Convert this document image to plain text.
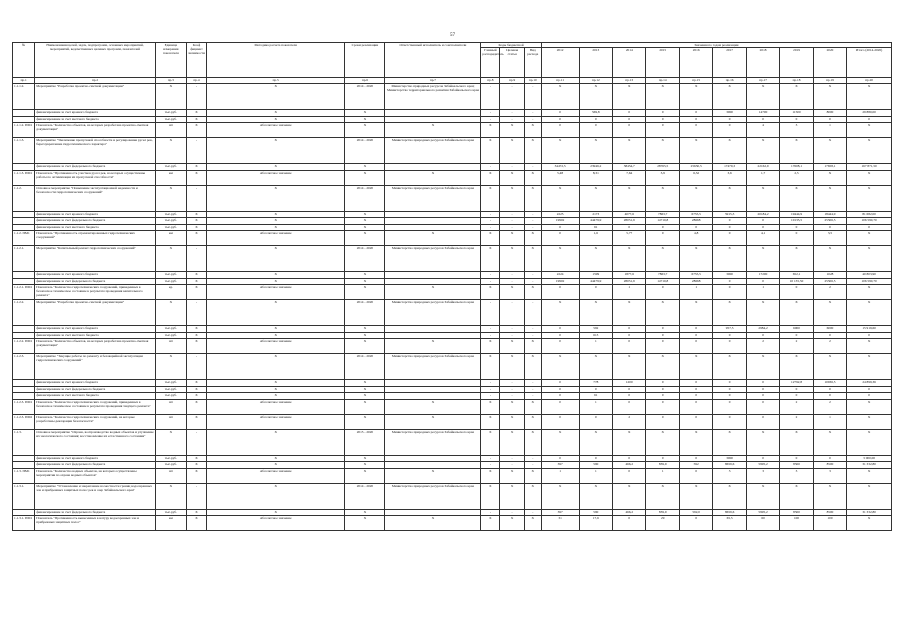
57
№	Наименования целей, задач, подпрограмм, основных мероприятий, мероприятий, ведомственных целевых программ, показателей	Единица измерения показателя	Коэф фициент значимости	Методика расчета показателя	Сроки реализации	Ответственный исполнитель и соисполнители	Коды бюджетной			Значения по годам реализации									
							Главный распорядитель	Целевая статья	Вид расхода	2012	2013	2014	2015	2016	2017	2018	2019	2020	Итого (2014-2020)
пр.1	пр.2	пр.3	пр.4	пр.5	пр.6	пр.7	пр.8	пр.9	пр.10	пр.11	пр.12	пр.13	пр.14	пр.15	пр.16	пр.17	пр.18	пр.19	пр.20
1.1.1.2.	Мероприятие "Разработка проектно-сметной документации"	X	-	X	2014 - 2020	Министерство природных ресурсов Забайкальского края; Министерство территориального развития Забайкальского края	-	-	-	X	X	X	X	X	X	X	X	X	X
	финансирование за счет краевого бюджета	тыс.руб.	X	X	X		-	-	-	0	569,8	0	0	0	3000	14700	11500	8000	29 880,00
	финансирование за счет местного бюджета	тыс.руб.	X	X	X		-	-	-	0	0	0	0	0	0	0	0	0	0
1.1.1.2. ПМ1	Показатель "Количество объектов, на которых разработана проектно-сметная документация"	шт	X	Абсолютное значение	X	X	X	X	X	0	0	0	0	0	0	4	3	1	X
1.1.1.3.	Мероприятие "Увеличение пропускной способности и регулирование русел рек, берегоукрепление гидротехнического характера"	X	-	X	2014 - 2020	Министерство природных ресурсов Забайкальского края	X	X	X	X	X	X	X	X	X	X	X	X	X
	финансирование за счет федерального бюджета	тыс.руб.	X	X	X		-	-	-	34472,5	23946,2	38454,7	28765,5	25630,5	17479,3	22162,9	17608,1	17658,1	167 871,50
1.1.1.3. ПМ1	Показатель "Протяженность участков русел рек, на которых осуществлены работы по оптимизации их пропускной способности"	км	X	Абсолютное значение	X	X	X	X	X	5,48	8,31	7,64	3,9	6,32	3,6	1,7	2,5	X	X
1.1.2.	Основное мероприятие "Повышение эксплуатационной надежности и безопасности гидротехнических сооружений"	X	-	X	2014 - 2020	Министерство природных ресурсов Забайкальского края	X	X	X	X	X	X	X	X	X	X	X	X	X
	финансирование за счет краевого бюджета	тыс.руб.	X	X	X		-	-	-	2225	2173	4077,6	7863,7	6755,5	5915,3	20184,2	19444,9	18444,9	81 682,00
	финансирование за счет федерального бюджета	тыс.руб.	X	X	X		-	-	-	19902	44479,9	28051,9	14710,8	28668	0	0	10135,5	25506,5	106 590,70
	финансирование за счет местного бюджета	тыс.руб.	X	X	X		-	-	-	0	61	0	0	0	0	0	0	0	0
1.1.2. ПМ1	Показатель "Протяженность отремонтированных гидротехнических сооружений"	км	X	Абсолютное значение	X	X	X	X	X	0	1,6	5,77	0	4,8	0	4,1	0	3,5	X
1.1.2.1.	Мероприятие "Капитальный ремонт гидротехнических сооружений"	X	-	X	2014 - 2020	Министерство природных ресурсов Забайкальского края	X	X	X	X	X	X	X	X	X	X	X	X	X
	финансирование за счет краевого бюджета	тыс.руб.	X	X	X		-	-	-	2224	1599	1877,6	7863,7	6755,5	3000	17200	652,1	1028	40 803,90
	финансирование за счет федерального бюджета	тыс.руб.	X	X	X		-	-	-	19902	44479,9	28051,9	14710,8	28668	0	0	10 135,50	25506,5	106 590,70
1.1.2.1. ПМ1	Показатель "Количество гидротехнических сооружений, приведенных в безопасное техническое состояние в результате проведения капитального ремонта"	ед.	X	Абсолютное значение	X	X	X	X	X	0	0	1	0	1	0	1	0	2	X
1.1.2.2.	Мероприятие "Разработка проектно-сметной документации"	X	-	X	2014 - 2020	Министерство природных ресурсов Забайкальского края	-	-	-	X	X	X	X	X	X	X	X	X	X
	финансирование за счет краевого бюджета	тыс.руб.	X	X	X		-	-	-	0	592	0	0	0	957,5	2984,2	6000	6000	15 919,60
	финансирование за счет местного бюджета	тыс.руб.	X	X	X		-	-	-	0	613	0	0	0	0	0	0	0	0
1.1.2.2. ПМ1	Показатель "Количество объектов, на которых разработана проектно-сметная документация"	шт	X	Абсолютное значение	X	X	X	X	X	0	1	0	0	0	0	2	2	2	X
1.1.2.3.	Мероприятие "Текущие работы по ремонту и безаварийной эксплуатации гидротехнических сооружений"	X	-	X	2014 - 2020	Министерство природных ресурсов Забайкальского края	X	X	X	X	X	X	X	X	X	X	X	X	X
	финансирование за счет краевого бюджета	тыс.руб.	X	X	X		-	-	-	0	778	1200	0	0	0	0	12792,8	10936,5	24 899,36
	финансирование за счет федерального бюджета	тыс.руб.	X	X	X		-	-	-	0	0	0	0	0	0	0	0	0	0
	финансирование за счет местного бюджета	тыс.руб.	X	X	X		-	-	-	0	61	0	0	0	0	0	0	0	0
1.1.2.3. ПМ1	Показатель "Количество гидротехнических сооружений, приведенных в безопасное техническое состояние в результате проведения текущего ремонта"	шт	X	Абсолютное значение	X	X	X	X	X	0	1	0	0	0	0	0	2	2	X
1.1.2.3. ПМ2	Показатель "Количество гидротехнических сооружений, на которые разработаны декларации безопасности"	шт	X	Абсолютное значение	X	X	X	X	X	0	0	2	0	0	0	0	2	1	X
1.1.3.	Основное мероприятие "Охрана, воспроизводство водных объектов и улучшение их экологического состояния; восстановление их естественного состояния"	X	-	X	2015 - 2020	Министерство природных ресурсов Забайкальского края	X	X	X	X	X	X	X	X	X	X	X	X	X
	финансирование за счет краевого бюджета	тыс.руб.	X	X	X		-	-	-	0	0	0	0	0	3000	0	0	0	3 000,00
	финансирование за счет федерального бюджета	тыс.руб.	X	X	X		-	-	-	397	590	466,2	839,9	592	8659,6	5995,2	8500	8500	31 332,80
1.1.3. ПМ1	Показатель "Количество водных объектов, на которых осуществлены мероприятия по охране водных объектов"	шт	X	Абсолютное значение	X	X	X	X	X	1	1	0	1	0	3	3	3	3	X
1.1.3.1.	Мероприятие "Установление и закрепление на местности границ водоохранных зон и прибрежных защитных полос рек и озер Забайкальского края"	X	-	X	2014 - 2020	Министерство природных ресурсов Забайкальского края	X	X	X	X	X	X	X	X	X	X	X	X	X
	финансирование за счет федерального бюджета	тыс.руб.	X	X	X		-	-	-	397	590	466,2	839,9	592,0	8659,6	5995,2	8500	8500	31 332,80
1.1.3.1. ПМ1	Показатель "Протяженность вынесенных в натуру водоохранных зон и прибрежных защитных полос"	км	X	Абсолютное значение	X	X	X	X	X	31	17,6	0	29	0	65,5	60	100	100	X
